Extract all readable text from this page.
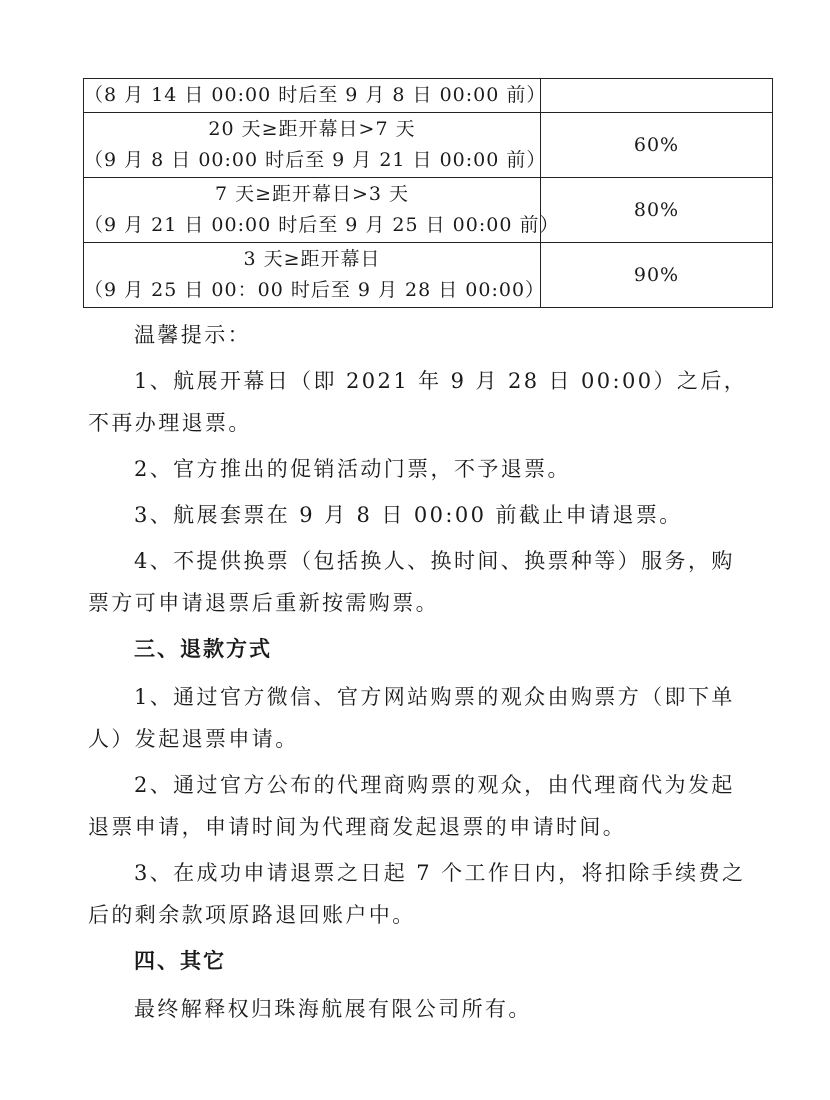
（8 月 14 日 00:00 时后至 9 月 8 日 00:00 前）	

20 天≥距开幕日>7 天
（9 月 8 日 00:00 时后至 9 月 21 日 00:00 前）	60%

7 天≥距开幕日>3 天
（9 月 21 日 00:00 时后至 9 月 25 日 00:00 前）	80%

3 天≥距开幕日
（9 月 25 日 00：00 时后至 9 月 28 日 00:00）	90%

温馨提示：

1、航展开幕日（即 2021 年 9 月 28 日 00:00）之后，不再办理退票。

2、官方推出的促销活动门票，不予退票。

3、航展套票在 9 月 8 日 00:00 前截止申请退票。

4、不提供换票（包括换人、换时间、换票种等）服务，购票方可申请退票后重新按需购票。

三、退款方式

1、通过官方微信、官方网站购票的观众由购票方（即下单人）发起退票申请。

2、通过官方公布的代理商购票的观众，由代理商代为发起退票申请，申请时间为代理商发起退票的申请时间。

3、在成功申请退票之日起 7 个工作日内，将扣除手续费之后的剩余款项原路退回账户中。

四、其它

最终解释权归珠海航展有限公司所有。
